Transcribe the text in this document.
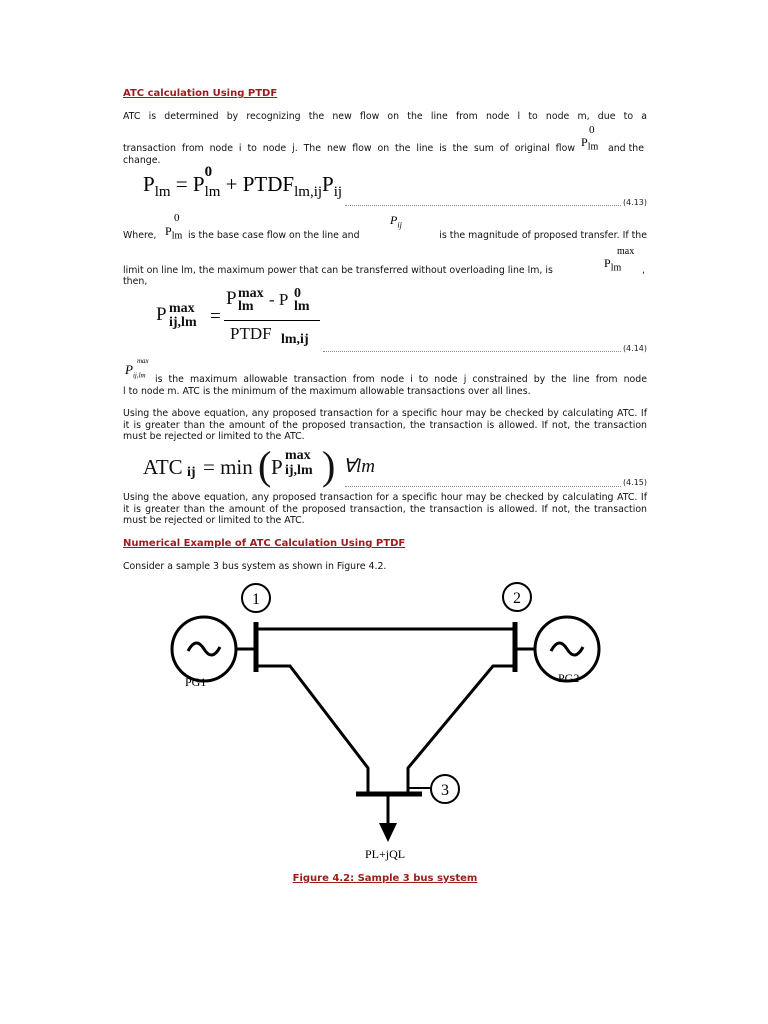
ATC calculation Using PTDF
ATC is determined by recognizing the new flow on the line from node l to node m, due to a
transaction from node i to node j. The new flow on the line is the sum of original flow
0
$P_{lm}$ and the
change.
$P_{lm} = P$ 0
$_{lm} + PTDF_{lm,ij}P_{ij}$
(4.13)
Where,
0
$P_{lm}$ is the base case flow on the line and
$P_{ij}$
is the magnitude of proposed transfer. If the
limit on line lm, the maximum power that can be transferred without overloading line lm, is
max
$P_{lm}$ ,
then,
P max
ij,lm =
P max
lm - P 0
lm
PTDF lm,ij
(4.14)
max
$P_{ij,lm}$ is the maximum allowable transaction from node i to node j constrained by the line from node
l to node m. ATC is the minimum of the maximum allowable transactions over all lines.
Using the above equation, any proposed transaction for a specific hour may be checked by calculating ATC. If it is greater than the amount of the proposed transaction, the transaction is allowed. If not, the transaction must be rejected or limited to the ATC.
ATC ij = min ( P max
ij,lm ) ∀lm
(4.15)
Using the above equation, any proposed transaction for a specific hour may be checked by calculating ATC. If it is greater than the amount of the proposed transaction, the transaction is allowed. If not, the transaction must be rejected or limited to the ATC.
Numerical Example of ATC Calculation Using PTDF
Consider a sample 3 bus system as shown in Figure 4.2.
1	2
PG1	PG2
3
PL+jQL
Figure 4.2: Sample 3 bus system
